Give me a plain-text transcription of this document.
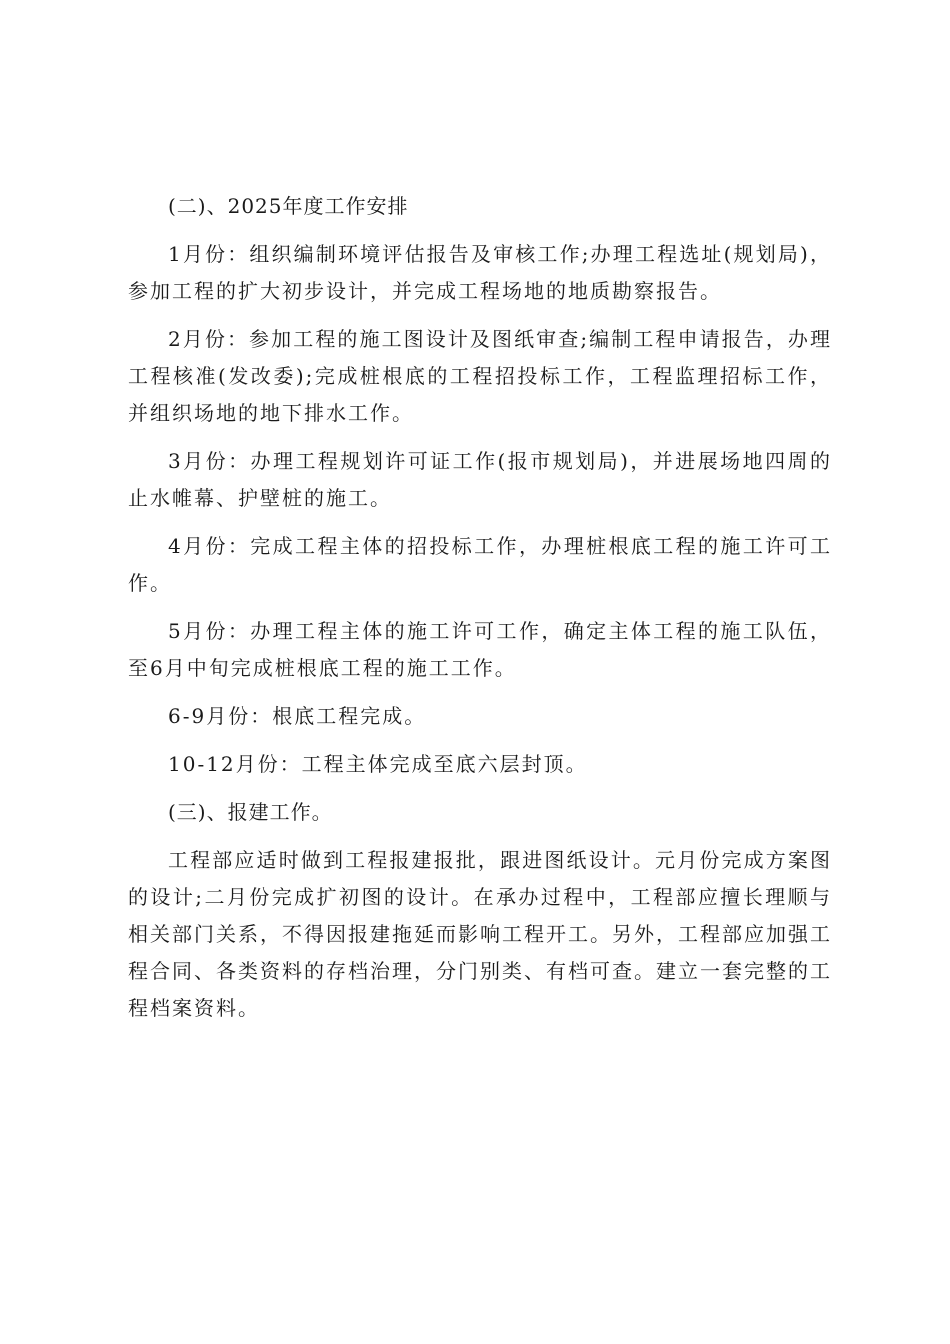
(二)、2025年度工作安排

1月份：组织编制环境评估报告及审核工作;办理工程选址(规划局)，参加工程的扩大初步设计，并完成工程场地的地质勘察报告。

2月份：参加工程的施工图设计及图纸审查;编制工程申请报告，办理工程核准(发改委);完成桩根底的工程招投标工作，工程监理招标工作，并组织场地的地下排水工作。

3月份：办理工程规划许可证工作(报市规划局)，并进展场地四周的止水帷幕、护壁桩的施工。

4月份：完成工程主体的招投标工作，办理桩根底工程的施工许可工作。

5月份：办理工程主体的施工许可工作，确定主体工程的施工队伍，至6月中旬完成桩根底工程的施工工作。

6-9月份：根底工程完成。

10-12月份：工程主体完成至底六层封顶。

(三)、报建工作。

工程部应适时做到工程报建报批，跟进图纸设计。元月份完成方案图的设计;二月份完成扩初图的设计。在承办过程中，工程部应擅长理顺与相关部门关系，不得因报建拖延而影响工程开工。另外，工程部应加强工程合同、各类资料的存档治理，分门别类、有档可查。建立一套完整的工程档案资料。
